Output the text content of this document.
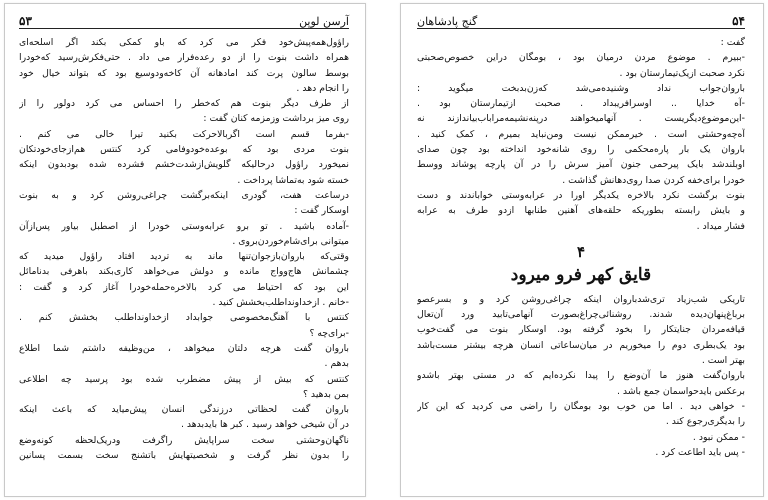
۵۳	آرسن لوپن
راؤول‌همه‌پیش‌خود فکر می کرد که باو کمکی بکند اگر اسلحه‌ای
همراه داشت بنوت را از دو رعده‌فرار می داد . حتی‌فکرش‌رسید که‌خودرا
بوسط سالون پرت کند امادهانه آن کاخه‌ودوسیع بود که بتواند خیال خود
را انجام دهد .
از طرف دیگر بنوت هم که‌خطر را احساس می کرد دولور را از
روی میز برداشت وزمزمه کنان گفت :
-بفرما قسم است اگربالاحرکت بکنید تیرا خالی می کنم .
بنوت مردی بود که بوعده‌خودوفامی کرد کنتس هم‌ازجای‌خودتکان
نمیخورد راؤول درحالیکه گلویش‌ازشدت‌خشم فشرده شده بودبدون اینکه
خسته شود به‌تماشا پرداخت .
درساعت هفت، گودری اینکه‌برگشت چراغی‌روشن کرد و به بنوت
اوسکار گفت :
-آماده باشید . تو برو عرابه‌وستی خودرا از اصطبل بیاور پس‌ازآن
میتوانی برای‌شام‌خوردن‌بروی .
وقتی‌که باروان‌باز‌جوان‌تنها ماند به تردید افتاد راؤول میدید که
چشمانش هاج‌وواج مانده و دولش می‌خواهد کاری‌بکند باهرفی بدنامائل
این بود که احتیاط می کرد بالاخره‌حمله‌خودرا آغاز کرد و گفت :
-خانم . ازخداو‌نداطلب‌بخشش کنید .
کنتس با آهنگ‌مخصوصی جوابداد ازخداونداطلب بخشش کنم .
-برای‌چه ؟
باروان گفت هر‌چه دلتان میخواهد ، من‌وظیفه داشتم شما اطلاع
بدهم .
کنتس که بیش از پیش مضطرب شده بود پرسید چه اطلاعی
بمن بدهید ؟
باروان گفت لحظاتی درزندگی انسان پیش‌میاید که باعث اینکه
در آن شیخی خواهد رسید . کبر ها بایدبدهد .
ناگهان‌وحشتی سخت سرا‌پایش راگرفت ودریک‌لحظه کونه‌وضع
را بدون نظر گرفت و شخصیتهایش باتشنج سخت بسمت پسانین
گنج پادشاهان	۵۴
گفت :
-ببیرم . موضوع مردن درمیان بود ، بومگان دراین خصوص‌صحبتی
نکرد صحبت ازیک‌تیمارستان بود .
باروان‌جواب نداد وشنیده‌می‌شد که‌زن‌بدبخت میگوید :
-آه خدایا .. اوسرافریبداد . صحبت ازتیمارستان بود .
-این‌موضوع‌دیگریست . آنهامیخواهند در‌پنه‌نشیمه‌مرا‌با‌ب‌بیاندازند نه
آه‌چه‌وحشتی است . خیرممکن نیست ومن‌نباید بمیرم ، کمک کنید .
باروان یک بار پاره‌محکمی را روی شانه‌خود انداخته بود چون صدای
اوبلندشد بایک پیرحمی جنون آمیز سرش را در آن پارچه پوشاند ووسط
خودرا برای‌خفه کردن صدا روی‌دهانش گذاشت .
بنوت برگشت نکرد بالاخره یکدیگر اورا در عرابه‌وستی خواباندند و دست
و بایش رابسته بطوریکه حلقه‌های آهنین طنابها ازدو طرف به عرابه
فشار میداد .
۴
قایق کهر فرو میرود
تاریکی شب‌زیاد تری‌شدباروان اینکه چراغی‌روشن کرد و و بسرعصو
برباغ‌پنهان‌دیده شدند. روشنائی‌چراغ‌بصورت آنهامی‌تابید ورد آن‌تعال
قیافه‌مردان جنایتکار را بخود گرفته بود. اوسکار بنوت می گفت‌خوب
بود یک‌بطری دوم را میخوریم در میان‌ساعاتی انسان هر‌چه بیشتر مست‌باشد
بهتر است .
باروان‌گفت هنوز ما آن‌وضع را پیدا نکرده‌ایم که در مستی بهتر باشدو
برعکس باید‌حواسمان جمع باشد .
- خواهی دید . اما من خوب بود بومگان را راضی می کردید که این کار
را بدیگری‌رجوع کند .
- ممکن نبود .
- پس باید اطاعت کرد .
